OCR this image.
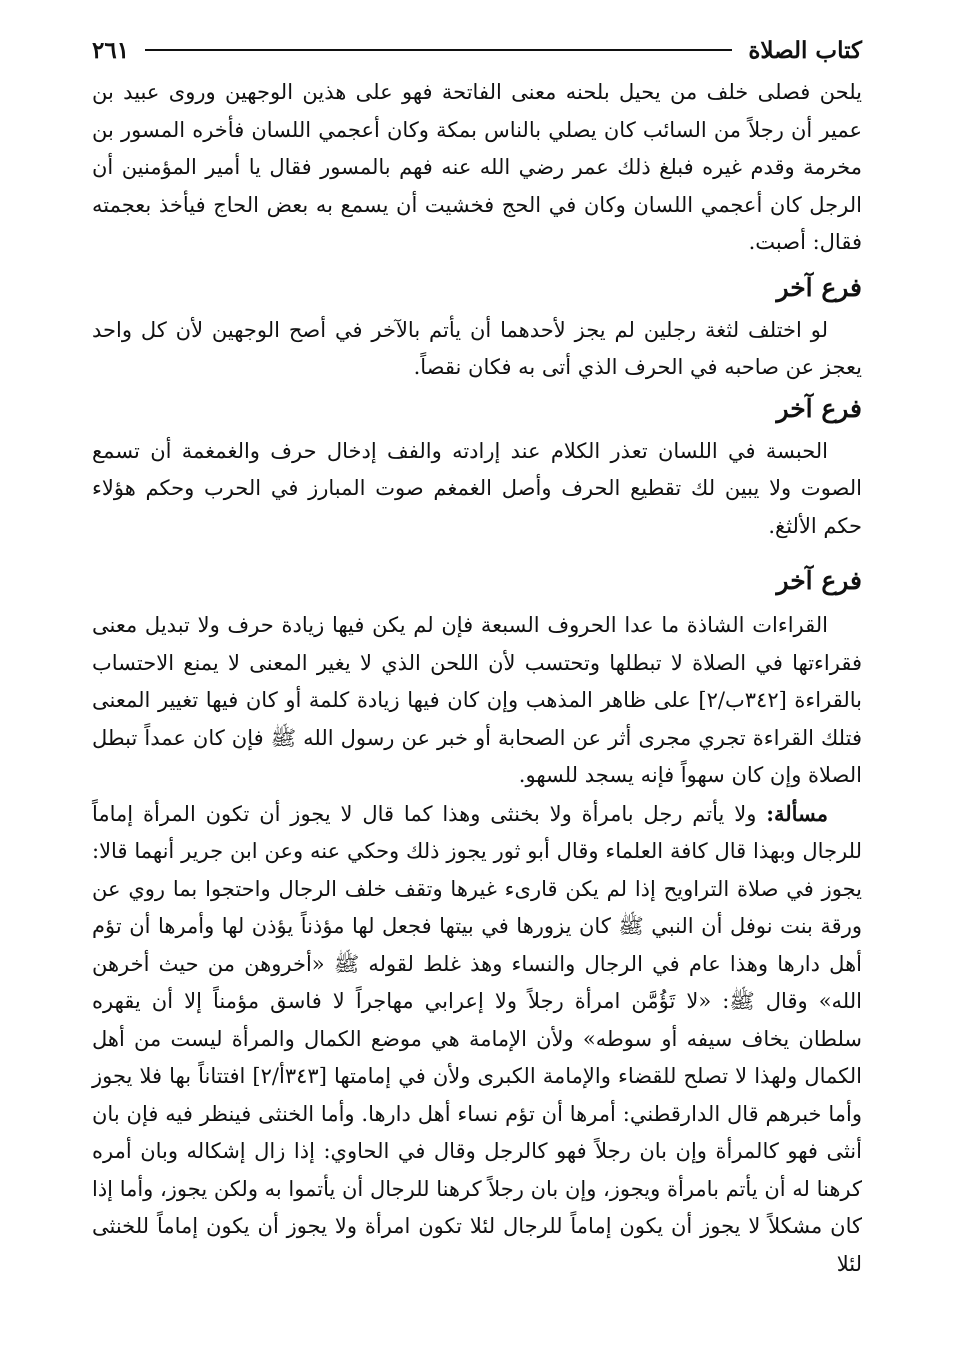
كتاب الصلاة
٢٦١

يلحن فصلى خلف من يحيل بلحنه معنى الفاتحة فهو على هذين الوجهين وروى عبيد بن عمير أن رجلاً من السائب كان يصلي بالناس بمكة وكان أعجمي اللسان فأخره المسور بن مخرمة وقدم غيره فبلغ ذلك عمر رضي الله عنه فهم بالمسور فقال يا أمير المؤمنين أن الرجل كان أعجمي اللسان وكان في الحج فخشيت أن يسمع به بعض الحاج فيأخذ بعجمته فقال: أصبت.

فرع آخر

لو اختلف لثغة رجلين لم يجز لأحدهما أن يأتم بالآخر في أصح الوجهين لأن كل واحد يعجز عن صاحبه في الحرف الذي أتى به فكان نقصاً.

فرع آخر

الحبسة في اللسان تعذر الكلام عند إرادته والفف إدخال حرف والغمغمة أن تسمع الصوت ولا يبين لك تقطيع الحرف وأصل الغمغم صوت المبارز في الحرب وحكم هؤلاء حكم الألثغ.

فرع آخر

القراءات الشاذة ما عدا الحروف السبعة فإن لم يكن فيها زيادة حرف ولا تبديل معنى فقراءتها في الصلاة لا تبطلها وتحتسب لأن اللحن الذي لا يغير المعنى لا يمنع الاحتساب بالقراءة [٣٤٢ب/٢] على ظاهر المذهب وإن كان فيها زيادة كلمة أو كان فيها تغيير المعنى فتلك القراءة تجري مجرى أثر عن الصحابة أو خبر عن رسول الله ﷺ فإن كان عمداً تبطل الصلاة وإن كان سهواً فإنه يسجد للسهو.

مسألة: ولا يأتم رجل بامرأة ولا بخنثى وهذا كما قال لا يجوز أن تكون المرأة إماماً للرجال وبهذا قال كافة العلماء وقال أبو ثور يجوز ذلك وحكي عنه وعن ابن جرير أنهما قالا: يجوز في صلاة التراويح إذا لم يكن قارىء غيرها وتقف خلف الرجال واحتجوا بما روي عن ورقة بنت نوفل أن النبي ﷺ كان يزورها في بيتها فجعل لها مؤذناً يؤذن لها وأمرها أن تؤم أهل دارها وهذا عام في الرجال والنساء وهذ غلط لقوله ﷺ «أخروهن من حيث أخرهن الله» وقال ﷺ: «لا تَؤُمَّن امرأة رجلاً ولا إعرابي مهاجراً لا فاسق مؤمناً إلا أن يقهره سلطان يخاف سيفه أو سوطه» ولأن الإمامة هي موضع الكمال والمرأة ليست من أهل الكمال ولهذا لا تصلح للقضاء والإمامة الكبرى ولأن في إمامتها [٣٤٣أ/٢] افتتاناً بها فلا يجوز وأما خبرهم قال الدارقطني: أمرها أن تؤم نساء أهل دارها. وأما الخنثى فينظر فيه فإن بان أنثى فهو كالمرأة وإن بان رجلاً فهو كالرجل وقال في الحاوي: إذا زال إشكاله وبان أمره كرهنا له أن يأتم بامرأة ويجوز، وإن بان رجلاً كرهنا للرجال أن يأتموا به ولكن يجوز، وأما إذا كان مشكلاً لا يجوز أن يكون إماماً للرجال لئلا تكون امرأة ولا يجوز أن يكون إماماً للخنثى لئلا
